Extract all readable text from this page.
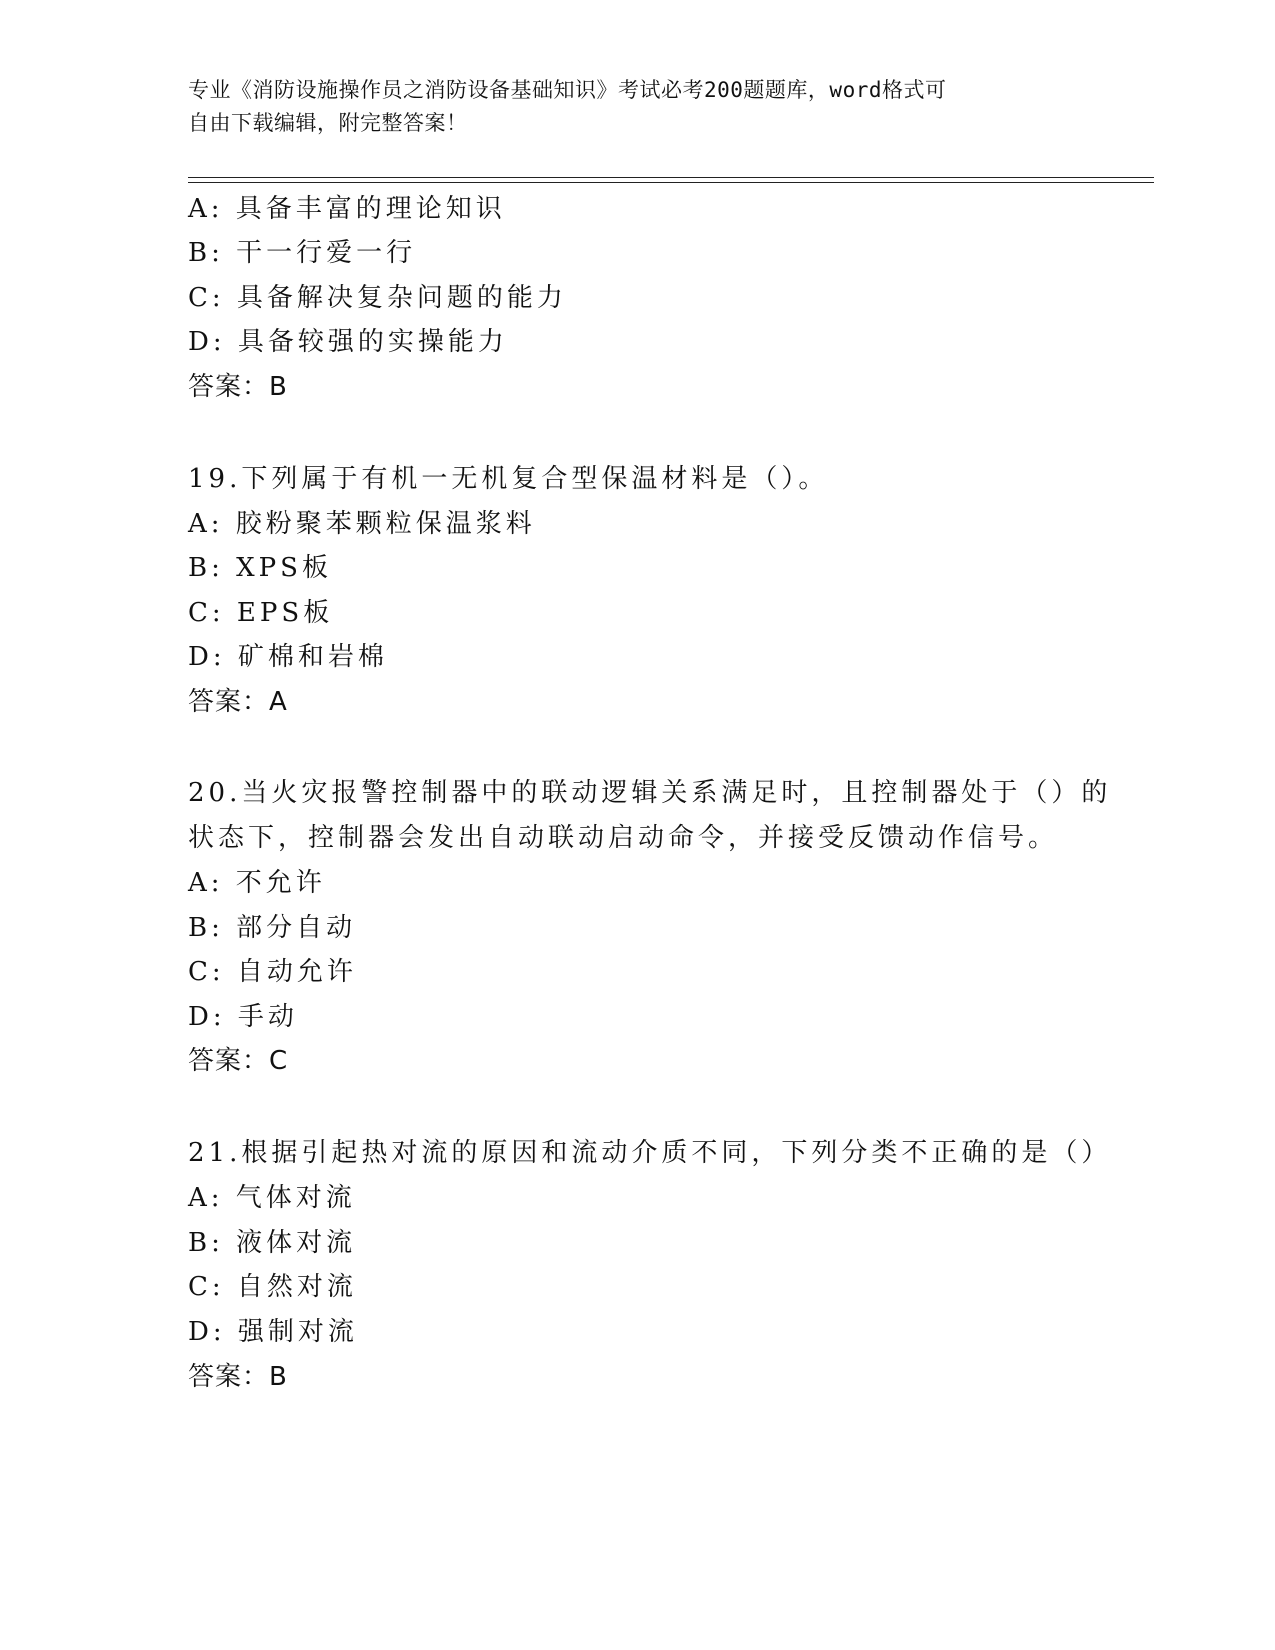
专业《消防设施操作员之消防设备基础知识》考试必考200题题库，word格式可
自由下载编辑，附完整答案！
A: 具备丰富的理论知识
B: 干一行爱一行
C: 具备解决复杂问题的能力
D: 具备较强的实操能力
答案：B
19.下列属于有机一无机复合型保温材料是（）。
A: 胶粉聚苯颗粒保温浆料
B: XPS板
C: EPS板
D: 矿棉和岩棉
答案：A
20.当火灾报警控制器中的联动逻辑关系满足时，且控制器处于（）的
状态下，控制器会发出自动联动启动命令，并接受反馈动作信号。
A: 不允许
B: 部分自动
C: 自动允许
D: 手动
答案：C
21.根据引起热对流的原因和流动介质不同，下列分类不正确的是（）
A: 气体对流
B: 液体对流
C: 自然对流
D: 强制对流
答案：B
